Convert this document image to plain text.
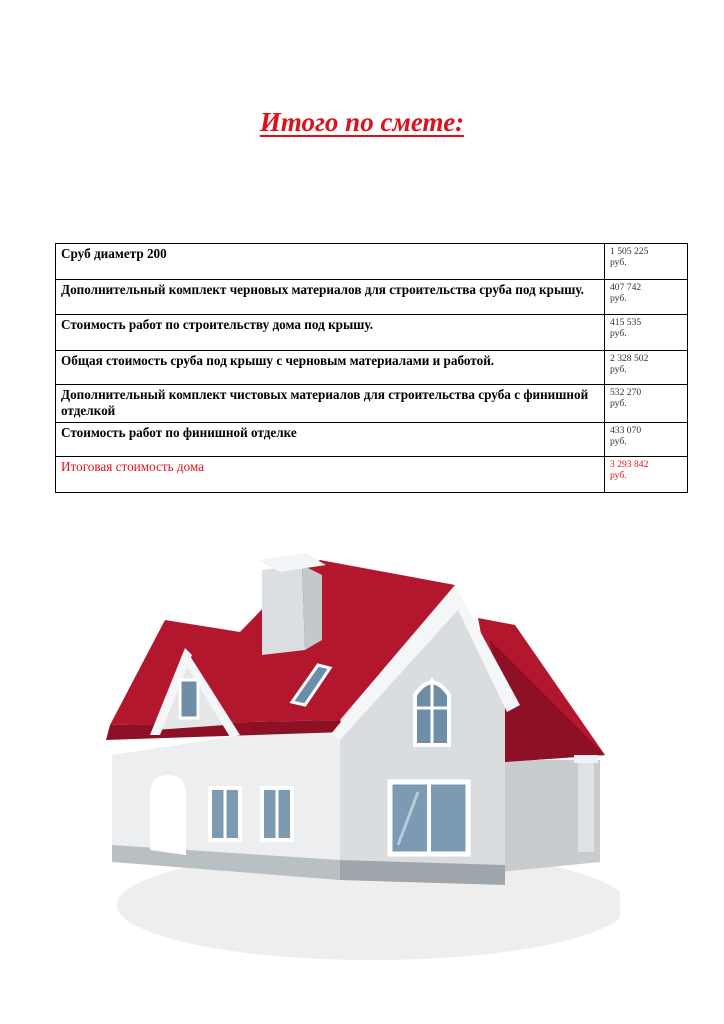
Итого по смете:
Сруб диаметр 200	1 505 225
руб.
Дополнительный комплект черновых материалов для строительства сруба под крышу.	407 742
руб.
Стоимость работ по строительству дома под крышу.	415 535
руб.
Общая стоимость сруба под крышу с черновым материалами и работой.	2 328 502
руб.
Дополнительный комплект чистовых материалов для строительства сруба с финишной отделкой	532 270
руб.
Стоимость работ по финишной отделке	433 070
руб.
Итоговая стоимость дома	3 293 842
руб.
